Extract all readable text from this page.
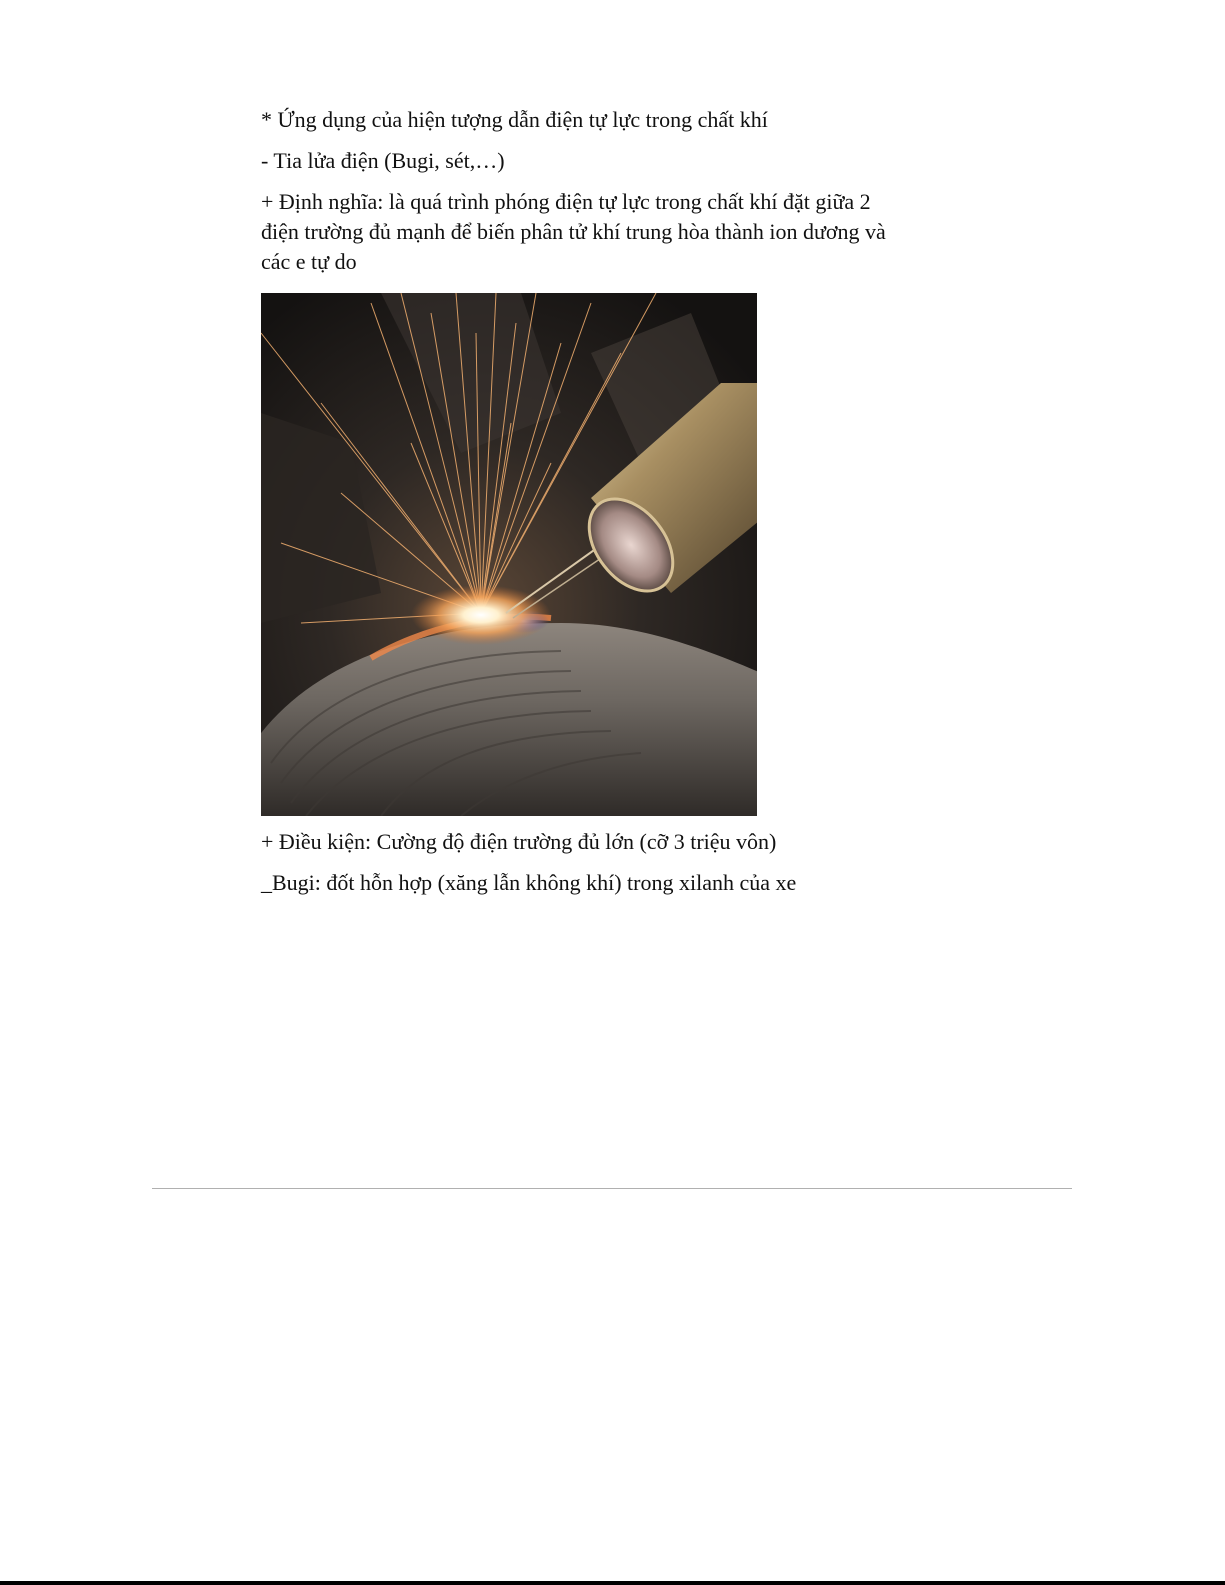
* Ứng dụng của hiện tượng dẫn điện tự lực trong chất khí

- Tia lửa điện (Bugi, sét,…)

+ Định nghĩa: là quá trình phóng điện tự lực trong chất khí đặt giữa 2

điện trường đủ mạnh để biến phân tử khí trung hòa thành ion dương và

các e tự do

+ Điều kiện: Cường độ điện trường đủ lớn (cỡ 3 triệu vôn)

_Bugi: đốt hỗn hợp (xăng lẫn không khí) trong xilanh của xe
